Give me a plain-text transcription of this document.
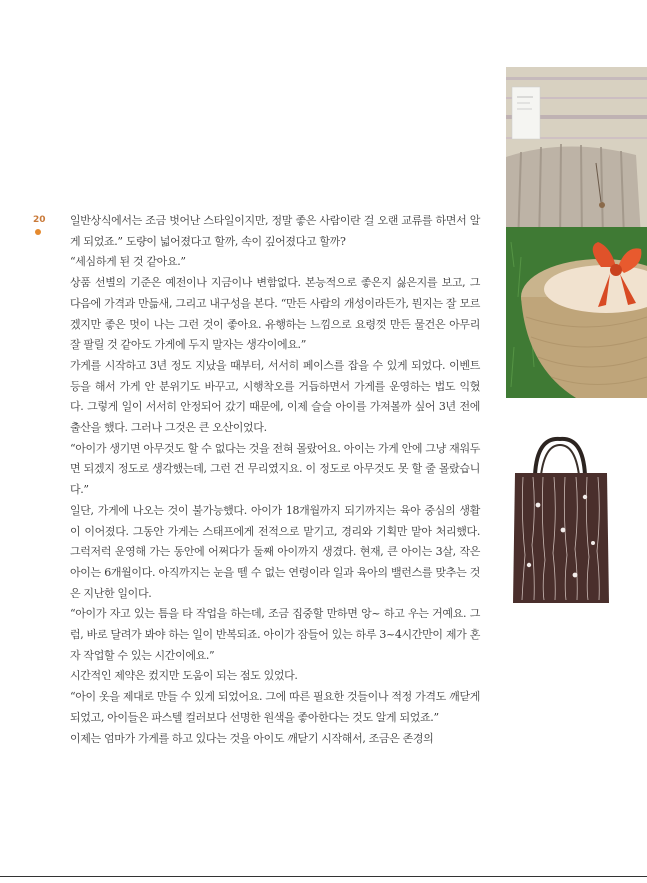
20 일반상식에서는 조금 벗어난 스타일이지만, 정말 좋은 사람이란 걸 오랜 교류를 하면서 알게 되었죠.” 도량이 넓어졌다고 할까, 속이 깊어졌다고 할까?

“세심하게 된 것 같아요.”

상품 선별의 기준은 예전이나 지금이나 변함없다. 본능적으로 좋은지 싫은지를 보고, 그 다음에 가격과 만듦새, 그리고 내구성을 본다. “만든 사람의 개성이라든가, 뭔지는 잘 모르겠지만 좋은 멋이 나는 그런 것이 좋아요. 유행하는 느낌으로 요령껏 만든 물건은 아무리 잘 팔릴 것 같아도 가게에 두지 말자는 생각이에요.”

가게를 시작하고 3년 정도 지났을 때부터, 서서히 페이스를 잡을 수 있게 되었다. 이벤트 등을 해서 가게 안 분위기도 바꾸고, 시행착오를 거듭하면서 가게를 운영하는 법도 익혔다. 그렇게 일이 서서히 안정되어 갔기 때문에, 이제 슬슬 아이를 가져볼까 싶어 3년 전에 출산을 했다. 그러나 그것은 큰 오산이었다.

“아이가 생기면 아무것도 할 수 없다는 것을 전혀 몰랐어요. 아이는 가게 안에 그냥 재워두면 되겠지 정도로 생각했는데, 그런 건 무리였지요. 이 정도로 아무것도 못 할 줄 몰랐습니다.”

일단, 가게에 나오는 것이 불가능했다. 아이가 18개월까지 되기까지는 육아 중심의 생활이 이어졌다. 그동안 가게는 스태프에게 전적으로 맡기고, 경리와 기획만 맡아 처리했다. 그럭저럭 운영해 가는 동안에 어쩌다가 둘째 아이까지 생겼다. 현재, 큰 아이는 3살, 작은 아이는 6개월이다. 아직까지는 눈을 뗄 수 없는 연령이라 일과 육아의 밸런스를 맞추는 것은 지난한 일이다.

“아이가 자고 있는 틈을 타 작업을 하는데, 조금 집중할 만하면 앙~ 하고 우는 거예요. 그럼, 바로 달려가 봐야 하는 일이 반복되죠. 아이가 잠들어 있는 하루 3~4시간만이 제가 혼자 작업할 수 있는 시간이에요.”

시간적인 제약은 컸지만 도움이 되는 점도 있었다.

“아이 옷을 제대로 만들 수 있게 되었어요. 그에 따른 필요한 것들이나 적정 가격도 깨닫게 되었고, 아이들은 파스텔 컬러보다 선명한 원색을 좋아한다는 것도 알게 되었죠.”

이제는 엄마가 가게를 하고 있다는 것을 아이도 깨닫기 시작해서, 조금은 존경의
